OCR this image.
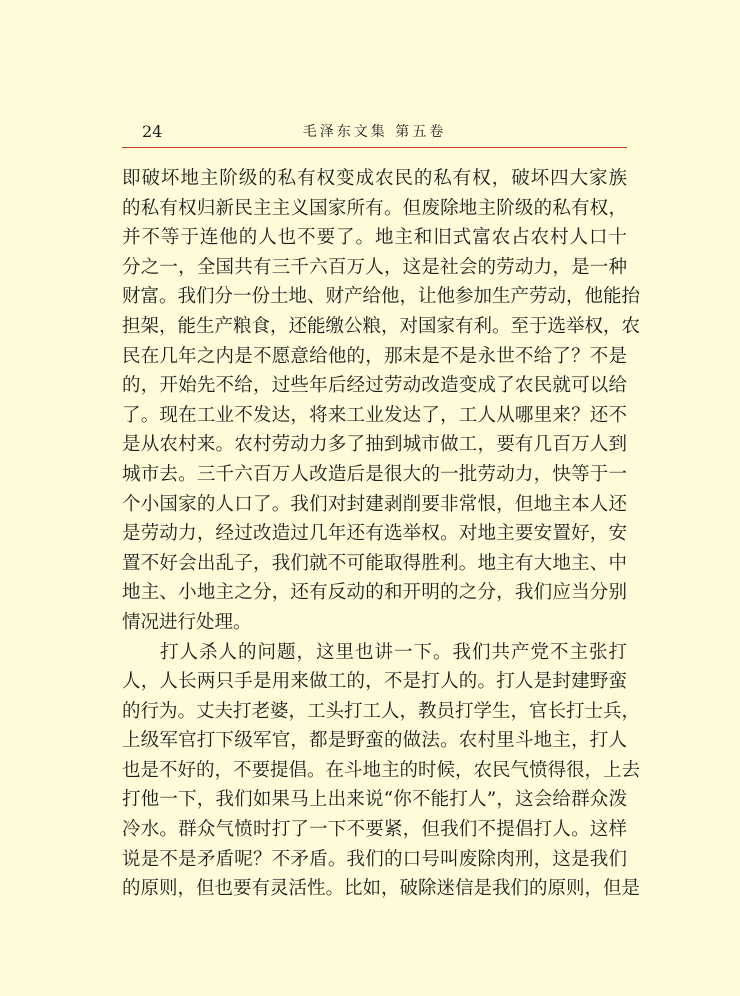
24	毛泽东文集 第五卷
即破坏地主阶级的私有权变成农民的私有权，破坏四大家族
的私有权归新民主主义国家所有。但废除地主阶级的私有权，
并不等于连他的人也不要了。地主和旧式富农占农村人口十
分之一，全国共有三千六百万人，这是社会的劳动力，是一种
财富。我们分一份土地、财产给他，让他参加生产劳动，他能抬
担架，能生产粮食，还能缴公粮，对国家有利。至于选举权，农
民在几年之内是不愿意给他的，那末是不是永世不给了？不是
的，开始先不给，过些年后经过劳动改造变成了农民就可以给
了。现在工业不发达，将来工业发达了，工人从哪里来？还不
是从农村来。农村劳动力多了抽到城市做工，要有几百万人到
城市去。三千六百万人改造后是很大的一批劳动力，快等于一
个小国家的人口了。我们对封建剥削要非常恨，但地主本人还
是劳动力，经过改造过几年还有选举权。对地主要安置好，安
置不好会出乱子，我们就不可能取得胜利。地主有大地主、中
地主、小地主之分，还有反动的和开明的之分，我们应当分别
情况进行处理。
打人杀人的问题，这里也讲一下。我们共产党不主张打
人，人长两只手是用来做工的，不是打人的。打人是封建野蛮
的行为。丈夫打老婆，工头打工人，教员打学生，官长打士兵，
上级军官打下级军官，都是野蛮的做法。农村里斗地主，打人
也是不好的，不要提倡。在斗地主的时候，农民气愤得很，上去
打他一下，我们如果马上出来说“你不能打人”，这会给群众泼
冷水。群众气愤时打了一下不要紧，但我们不提倡打人。这样
说是不是矛盾呢？不矛盾。我们的口号叫废除肉刑，这是我们
的原则，但也要有灵活性。比如，破除迷信是我们的原则，但是
